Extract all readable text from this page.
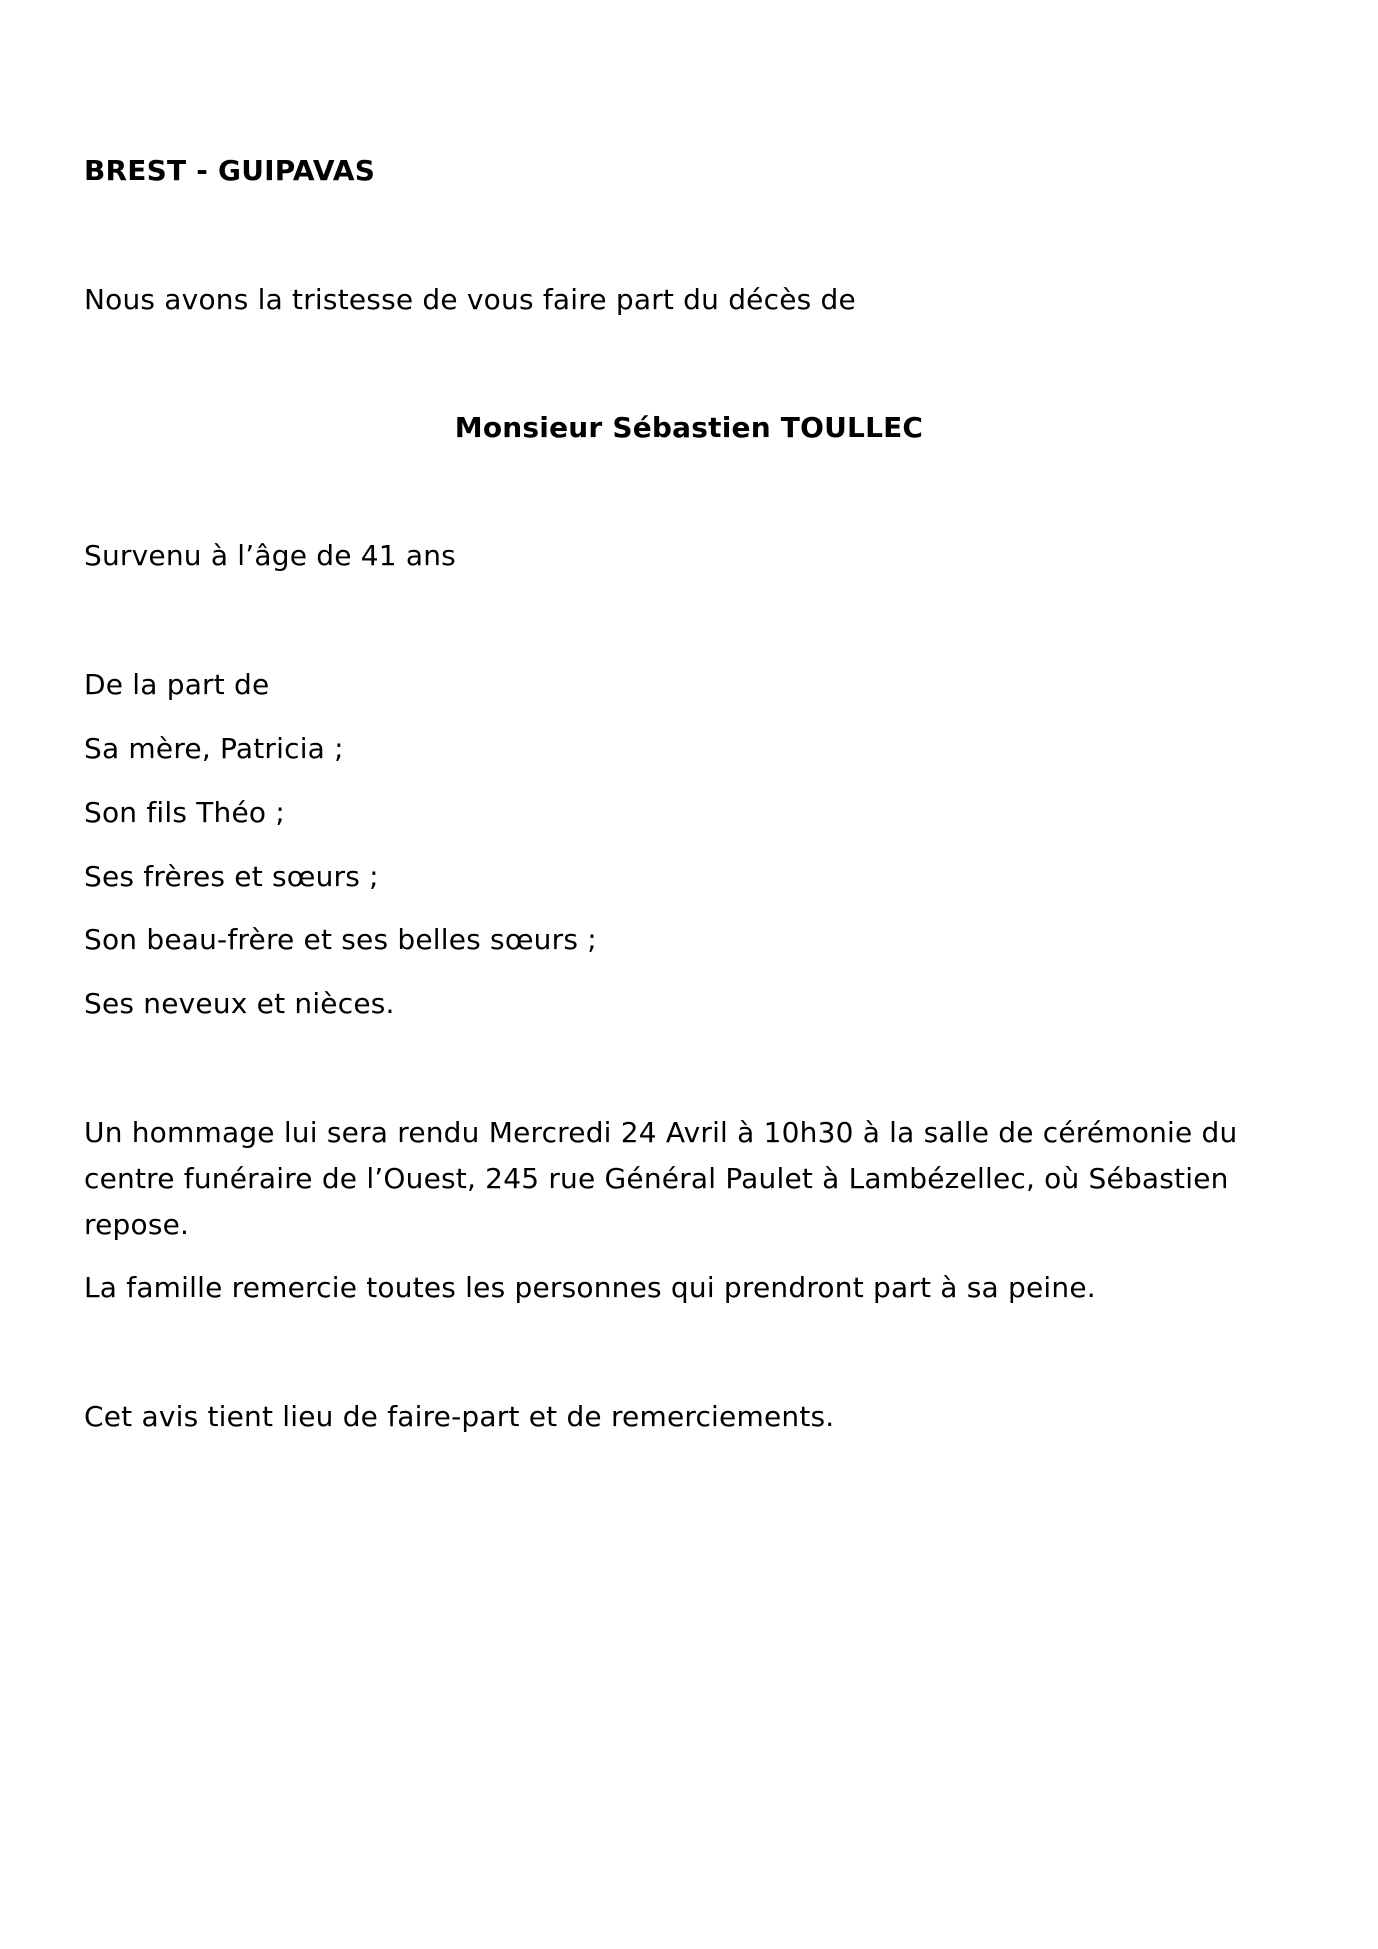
BREST - GUIPAVAS

Nous avons la tristesse de vous faire part du décès de

Monsieur Sébastien TOULLEC

Survenu à l’âge de 41 ans

De la part de

Sa mère, Patricia ;

Son fils Théo ;

Ses frères et sœurs ;

Son beau-frère et ses belles sœurs ;

Ses neveux et nièces.

Un hommage lui sera rendu Mercredi 24 Avril à 10h30 à la salle de cérémonie du

centre funéraire de l’Ouest, 245 rue Général Paulet à Lambézellec, où Sébastien

repose.

La famille remercie toutes les personnes qui prendront part à sa peine.

Cet avis tient lieu de faire-part et de remerciements.
